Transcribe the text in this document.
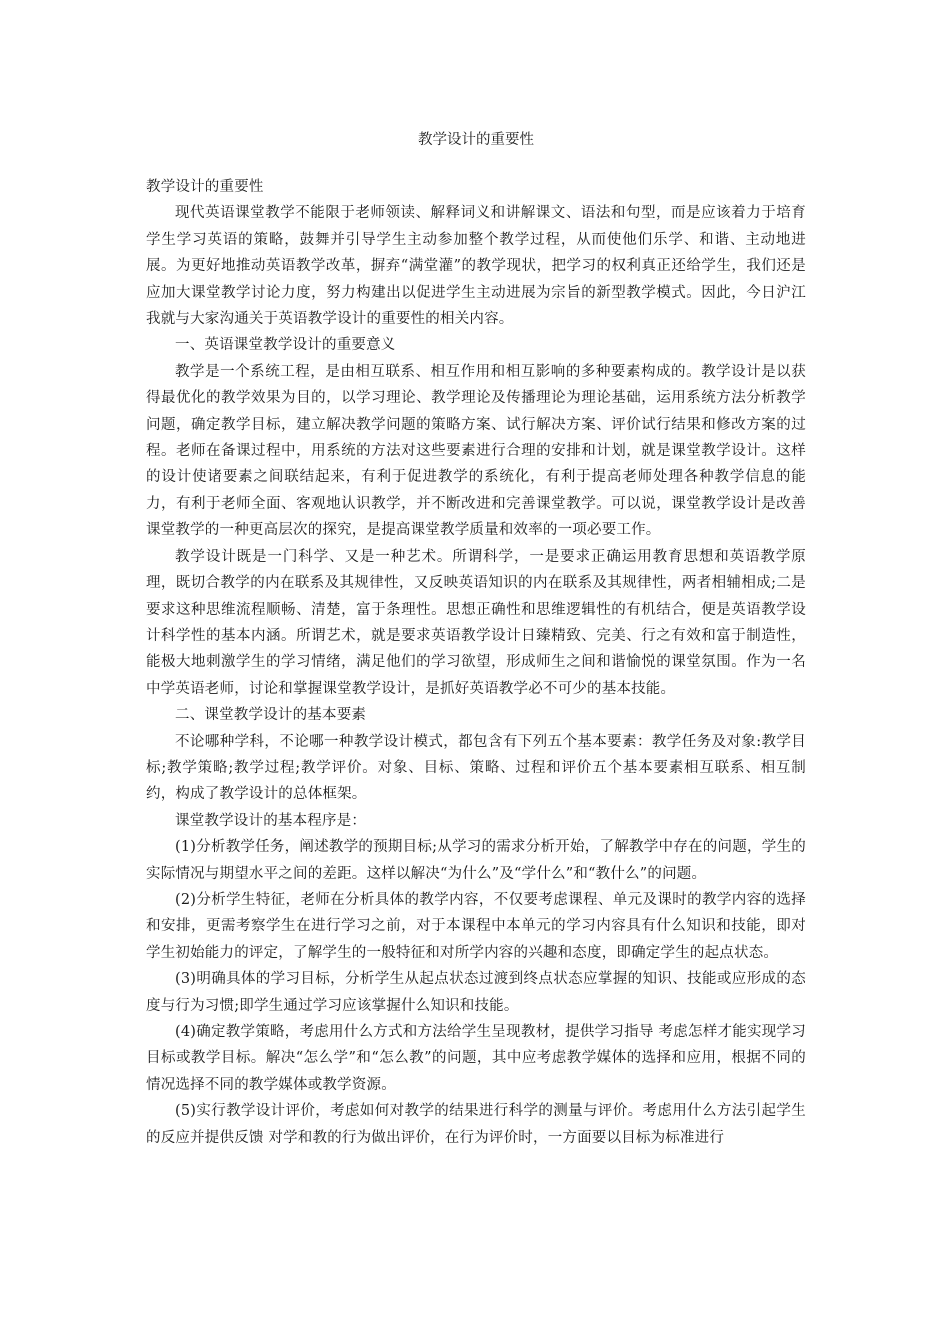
教学设计的重要性

教学设计的重要性

现代英语课堂教学不能限于老师领读、解释词义和讲解课文、语法和句型，而是应该着力于培育学生学习英语的策略，鼓舞并引导学生主动参加整个教学过程，从而使他们乐学、和谐、主动地进展。为更好地推动英语教学改革，摒弃“满堂灌”的教学现状，把学习的权利真正还给学生，我们还是应加大课堂教学讨论力度，努力构建出以促进学生主动进展为宗旨的新型教学模式。因此，今日沪江我就与大家沟通关于英语教学设计的重要性的相关内容。

一、英语课堂教学设计的重要意义

教学是一个系统工程，是由相互联系、相互作用和相互影响的多种要素构成的。教学设计是以获得最优化的教学效果为目的，以学习理论、教学理论及传播理论为理论基础，运用系统方法分析教学问题，确定教学目标，建立解决教学问题的策略方案、试行解决方案、评价试行结果和修改方案的过程。老师在备课过程中，用系统的方法对这些要素进行合理的安排和计划，就是课堂教学设计。这样的设计使诸要素之间联结起来，有利于促进教学的系统化，有利于提高老师处理各种教学信息的能力，有利于老师全面、客观地认识教学，并不断改进和完善课堂教学。可以说，课堂教学设计是改善课堂教学的一种更高层次的探究，是提高课堂教学质量和效率的一项必要工作。

教学设计既是一门科学、又是一种艺术。所谓科学，一是要求正确运用教育思想和英语教学原理，既切合教学的内在联系及其规律性，又反映英语知识的内在联系及其规律性，两者相辅相成;二是要求这种思维流程顺畅、清楚，富于条理性。思想正确性和思维逻辑性的有机结合，便是英语教学设计科学性的基本内涵。所谓艺术，就是要求英语教学设计日臻精致、完美、行之有效和富于制造性，能极大地刺激学生的学习情绪，满足他们的学习欲望，形成师生之间和谐愉悦的课堂氛围。作为一名中学英语老师，讨论和掌握课堂教学设计，是抓好英语教学必不可少的基本技能。

二、课堂教学设计的基本要素

不论哪种学科，不论哪一种教学设计模式，都包含有下列五个基本要素：教学任务及对象:教学目标;教学策略;教学过程;教学评价。对象、目标、策略、过程和评价五个基本要素相互联系、相互制约，构成了教学设计的总体框架。

课堂教学设计的基本程序是：

(1)分析教学任务，阐述教学的预期目标;从学习的需求分析开始，了解教学中存在的问题，学生的实际情况与期望水平之间的差距。这样以解决“为什么”及“学什么”和“教什么”的问题。

(2)分析学生特征，老师在分析具体的教学内容，不仅要考虑课程、单元及课时的教学内容的选择和安排，更需考察学生在进行学习之前，对于本课程中本单元的学习内容具有什么知识和技能，即对学生初始能力的评定，了解学生的一般特征和对所学内容的兴趣和态度，即确定学生的起点状态。

(3)明确具体的学习目标，分析学生从起点状态过渡到终点状态应掌握的知识、技能或应形成的态度与行为习惯;即学生通过学习应该掌握什么知识和技能。

(4)确定教学策略，考虑用什么方式和方法给学生呈现教材，提供学习指导 考虑怎样才能实现学习目标或教学目标。解决“怎么学”和“怎么教”的问题，其中应考虑教学媒体的选择和应用，根据不同的情况选择不同的教学媒体或教学资源。

(5)实行教学设计评价，考虑如何对教学的结果进行科学的测量与评价。考虑用什么方法引起学生的反应并提供反馈 对学和教的行为做出评价，在行为评价时，一方面要以目标为标准进行
